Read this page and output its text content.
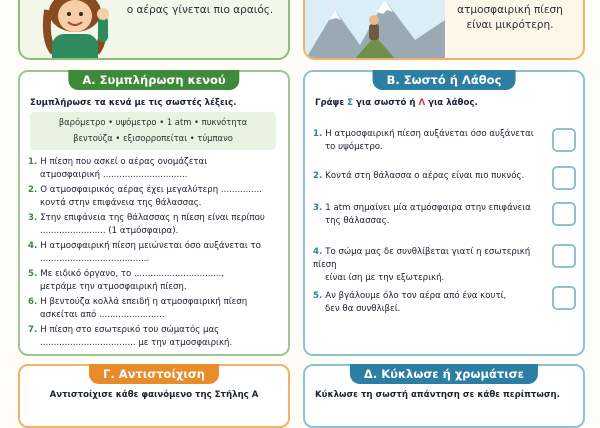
ο αέρας γίνεται πιο αραιός.	ατμοσφαιρική πίεση
είναι μικρότερη.
Α. Συμπλήρωση κενού
Συμπλήρωσε τα κενά με τις σωστές λέξεις.
βαρόμετρο • υψόμετρο • 1 atm • πυκνότητα
βεντούζα • εξισορροπείται • τύμπανο
1. Η πίεση που ασκεί ο αέρας ονομάζεται
ατμοσφαιρική ...............................
2. Ο ατμοσφαιρικός αέρας έχει μεγαλύτερη ...............
κοντά στην επιφάνεια της θάλασσας.
3. Στην επιφάνεια της θάλασσας η πίεση είναι περίπου
........................ (1 ατμόσφαιρα).
4. Η ατμοσφαιρική πίεση μειώνεται όσο αυξάνεται το
........................................
5. Με ειδικό όργανο, το ................................,
μετράμε την ατμοσφαιρική πίεση.
6. Η βεντούζα κολλά επειδή η ατμοσφαιρική πίεση
ασκείται από ........................
7. Η πίεση στο εσωτερικό του σώματός μας
................................... με την ατμοσφαιρική.
Β. Σωστό ή Λάθος
Γράψε Σ για σωστό ή Λ για λάθος.
1. Η ατμοσφαιρική πίεση αυξάνεται όσο αυξάνεται
το υψόμετρο.
2. Κοντά στη θάλασσα ο αέρας είναι πιο πυκνός.
3. 1 atm σημαίνει μία ατμόσφαιρα στην επιφάνεια
της θάλασσας.
4. Το σώμα μας δε συνθλίβεται γιατί η εσωτερική πίεση
είναι ίση με την εξωτερική.
5. Αν βγάλουμε όλο τον αέρα από ένα κουτί,
δεν θα συνθλιβεί.
Γ. Αντιστοίχιση
Αντιστοίχισε κάθε φαινόμενο της Στήλης Α
Δ. Κύκλωσε ή χρωμάτισε
Κύκλωσε τη σωστή απάντηση σε κάθε περίπτωση.
